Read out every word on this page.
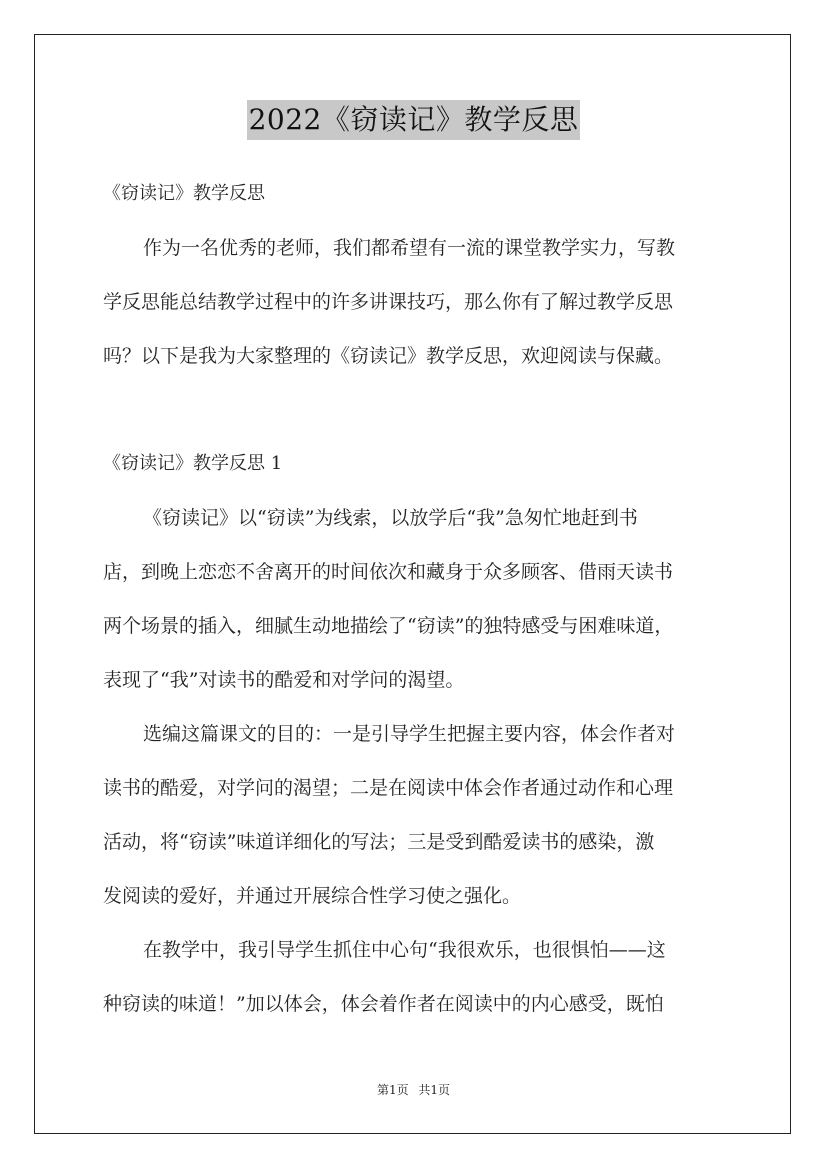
2022《窃读记》教学反思
《窃读记》教学反思
作为一名优秀的老师，我们都希望有一流的课堂教学实力，写教
学反思能总结教学过程中的许多讲课技巧，那么你有了解过教学反思
吗？以下是我为大家整理的《窃读记》教学反思，欢迎阅读与保藏。
《窃读记》教学反思 1
《窃读记》以“窃读”为线索，以放学后“我”急匆忙地赶到书
店，到晚上恋恋不舍离开的时间依次和藏身于众多顾客、借雨天读书
两个场景的插入，细腻生动地描绘了“窃读”的独特感受与困难味道，
表现了“我”对读书的酷爱和对学问的渴望。
选编这篇课文的目的：一是引导学生把握主要内容，体会作者对
读书的酷爱，对学问的渴望；二是在阅读中体会作者通过动作和心理
活动，将“窃读”味道详细化的写法；三是受到酷爱读书的感染，激
发阅读的爱好，并通过开展综合性学习使之强化。
在教学中，我引导学生抓住中心句“我很欢乐，也很惧怕——这
种窃读的味道！”加以体会，体会着作者在阅读中的内心感受，既怕
第1页 共1页
